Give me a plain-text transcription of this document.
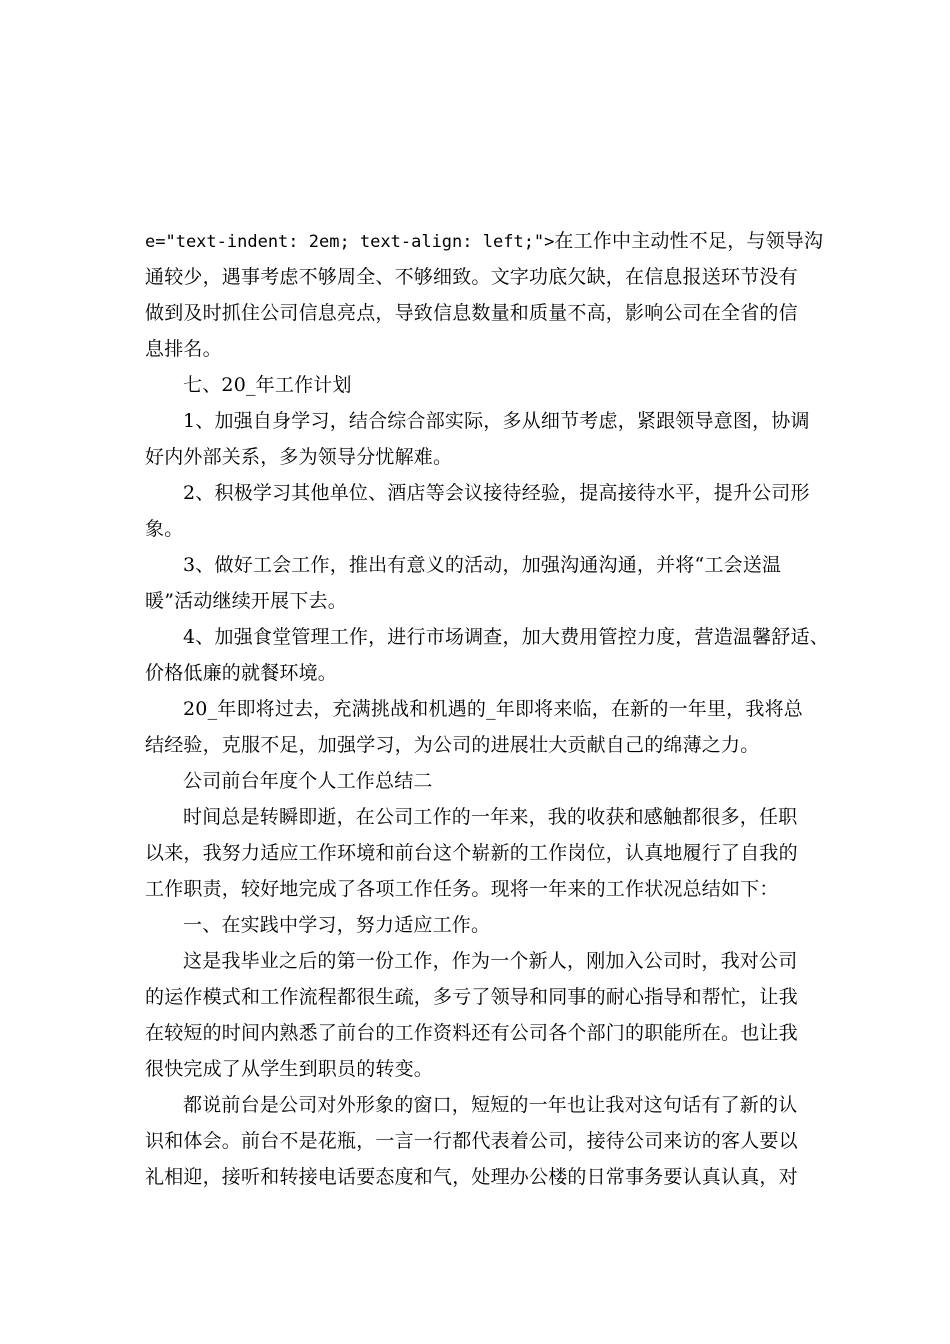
e="text-indent: 2em; text-align: left;">在工作中主动性不足，与领导沟
通较少，遇事考虑不够周全、不够细致。文字功底欠缺，在信息报送环节没有
做到及时抓住公司信息亮点，导致信息数量和质量不高，影响公司在全省的信
息排名。
七、20_年工作计划
1、加强自身学习，结合综合部实际，多从细节考虑，紧跟领导意图，协调
好内外部关系，多为领导分忧解难。
2、积极学习其他单位、酒店等会议接待经验，提高接待水平，提升公司形
象。
3、做好工会工作，推出有意义的活动，加强沟通沟通，并将“工会送温
暖”活动继续开展下去。
4、加强食堂管理工作，进行市场调查，加大费用管控力度，营造温馨舒适、
价格低廉的就餐环境。
20_年即将过去，充满挑战和机遇的_年即将来临，在新的一年里，我将总
结经验，克服不足，加强学习，为公司的进展壮大贡献自己的绵薄之力。
公司前台年度个人工作总结二
时间总是转瞬即逝，在公司工作的一年来，我的收获和感触都很多，任职
以来，我努力适应工作环境和前台这个崭新的工作岗位，认真地履行了自我的
工作职责，较好地完成了各项工作任务。现将一年来的工作状况总结如下：
一、在实践中学习，努力适应工作。
这是我毕业之后的第一份工作，作为一个新人，刚加入公司时，我对公司
的运作模式和工作流程都很生疏，多亏了领导和同事的耐心指导和帮忙，让我
在较短的时间内熟悉了前台的工作资料还有公司各个部门的职能所在。也让我
很快完成了从学生到职员的转变。
都说前台是公司对外形象的窗口，短短的一年也让我对这句话有了新的认
识和体会。前台不是花瓶，一言一行都代表着公司，接待公司来访的客人要以
礼相迎，接听和转接电话要态度和气，处理办公楼的日常事务要认真认真，对
